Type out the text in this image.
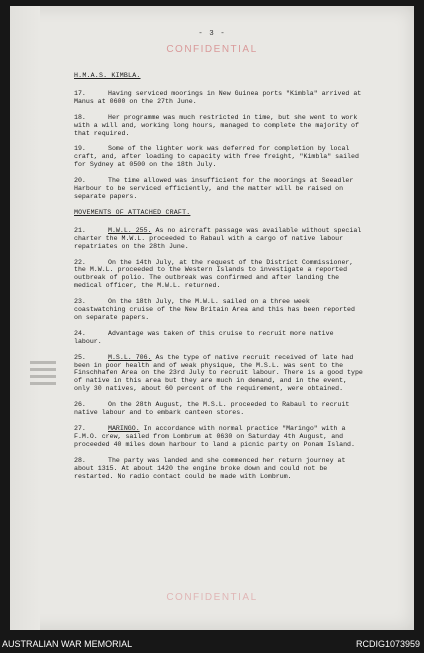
- 3 -
CONFIDENTIAL
H.M.A.S. KIMBLA.
17.	Having serviced moorings in New Guinea ports "Kimbla" arrived at Manus at 0600 on the 27th June.
18.	Her programme was much restricted in time, but she went to work with a will and, working long hours, managed to complete the majority of that required.
19.	Some of the lighter work was deferred for completion by local craft, and, after loading to capacity with free freight, "Kimbla" sailed for Sydney at 0500 on the 18th July.
20.	The time allowed was insufficient for the moorings at Seeadler Harbour to be serviced efficiently, and the matter will be raised on separate papers.
MOVEMENTS OF ATTACHED CRAFT.
21.	M.W.L. 255. As no aircraft passage was available without special charter the M.W.L. proceeded to Rabaul with a cargo of native labour repatriates on the 28th June.
22.	On the 14th July, at the request of the District Commissioner, the M.W.L. proceeded to the Western Islands to investigate a reported outbreak of polio. The outbreak was confirmed and after landing the medical officer, the M.W.L. returned.
23.	On the 18th July, the M.W.L. sailed on a three week coastwatching cruise of the New Britain Area and this has been reported on separate papers.
24.	Advantage was taken of this cruise to recruit more native labour.
25.	M.S.L. 706. As the type of native recruit received of late had been in poor health and of weak physique, the M.S.L. was sent to the Finschhafen Area on the 23rd July to recruit labour. There is a good type of native in this area but they are much in demand, and in the event, only 30 natives, about 60 percent of the requirement, were obtained.
26.	On the 28th August, the M.S.L. proceeded to Rabaul to recruit native labour and to embark canteen stores.
27.	MARINGO. In accordance with normal practice "Maringo" with a F.M.O. crew, sailed from Lombrum at 0630 on Saturday 4th August, and proceeded 40 miles down harbour to land a picnic party on Ponam Island.
28.	The party was landed and she commenced her return journey at about 1315. At about 1420 the engine broke down and could not be restarted. No radio contact could be made with Lombrum.
CONFIDENTIAL
AUSTRALIAN WAR MEMORIAL	RCDIG1073959
